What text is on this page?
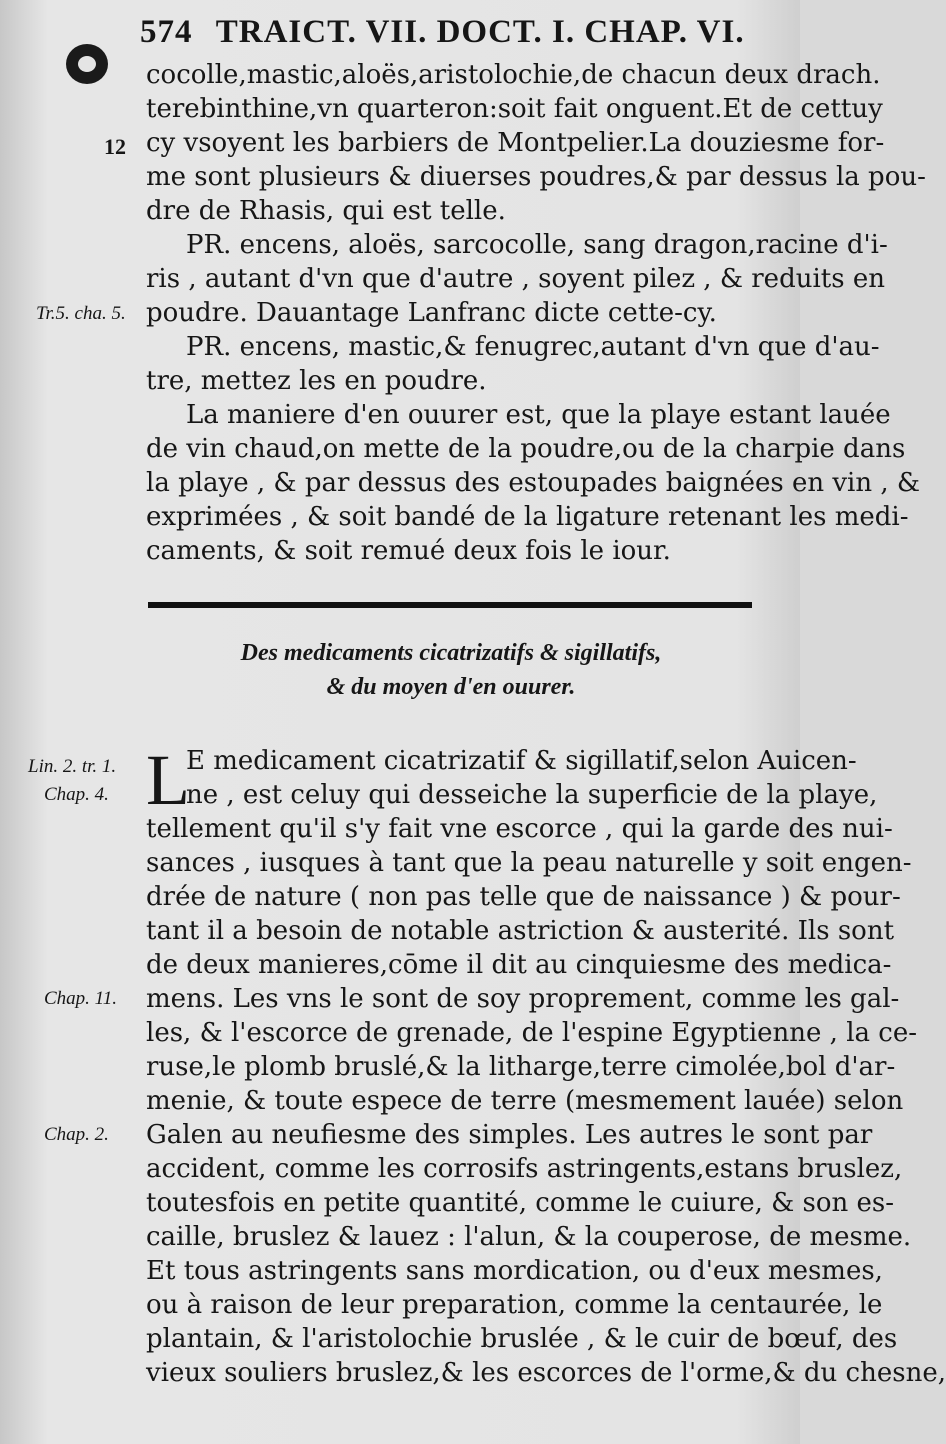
574 TRAICT. VII. DOCT. I. CHAP. VI.
cocolle,mastic,aloës,aristolochie,de chacun deux drach.
terebinthine,vn quarteron:soit fait onguent.Et de cettuy
cy vsoyent les barbiers de Montpelier.La douziesme for-
me sont plusieurs & diuerses poudres,& par dessus la pou-
dre de Rhasis, qui est telle.
PR. encens, aloës, sarcocolle, sang dragon,racine d'i-
ris , autant d'vn que d'autre , soyent pilez , & reduits en
poudre. Dauantage Lanfranc dicte cette-cy.
PR. encens, mastic,& fenugrec,autant d'vn que d'au-
tre, mettez les en poudre.
La maniere d'en ouurer est, que la playe estant lauée
de vin chaud,on mette de la poudre,ou de la charpie dans
la playe , & par dessus des estoupades baignées en vin , &
exprimées , & soit bandé de la ligature retenant les medi-
caments, & soit remué deux fois le iour.
12
Tr.5. cha. 5.
Des medicaments cicatrizatifs & sigillatifs,
& du moyen d'en ouurer.
L
E medicament cicatrizatif & sigillatif,selon Auicen-
ne , est celuy qui desseiche la superficie de la playe,
tellement qu'il s'y fait vne escorce , qui la garde des nui-
sances , iusques à tant que la peau naturelle y soit engen-
drée de nature ( non pas telle que de naissance ) & pour-
tant il a besoin de notable astriction & austerité. Ils sont
de deux manieres,cōme il dit au cinquiesme des medica-
mens. Les vns le sont de soy proprement, comme les gal-
les, & l'escorce de grenade, de l'espine Egyptienne , la ce-
ruse,le plomb bruslé,& la litharge,terre cimolée,bol d'ar-
menie, & toute espece de terre (mesmement lauée) selon
Galen au neufiesme des simples. Les autres le sont par
accident, comme les corrosifs astringents,estans bruslez,
toutesfois en petite quantité, comme le cuiure, & son es-
caille, bruslez & lauez : l'alun, & la couperose, de mesme.
Et tous astringents sans mordication, ou d'eux mesmes,
ou à raison de leur preparation, comme la centaurée, le
plantain, & l'aristolochie bruslée , & le cuir de bœuf, des
vieux souliers bruslez,& les escorces de l'orme,& du chesne,
Lin. 2. tr. 1.
Chap. 4.
Chap. 11.
Chap. 2.
